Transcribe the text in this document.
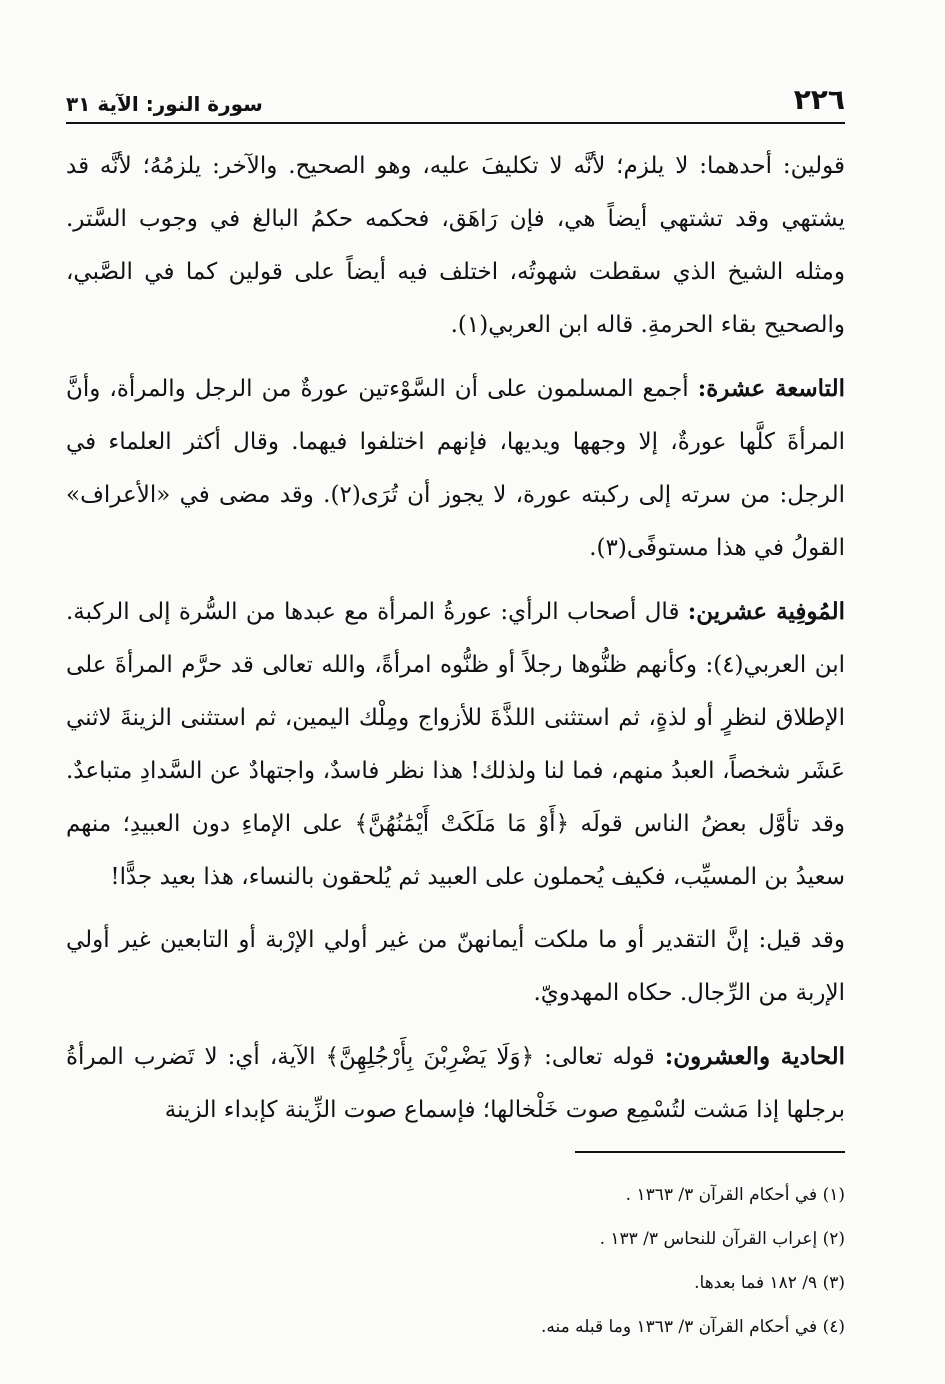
٢٢٦
سورة النور: الآية ٣١

قولين: أحدهما: لا يلزم؛ لأنَّه لا تكليفَ عليه، وهو الصحيح. والآخر: يلزمُهُ؛ لأنَّه قد يشتهي وقد تشتهي أيضاً هي، فإن رَاهَق، فحكمه حكمُ البالغ في وجوب السَّتر. ومثله الشيخ الذي سقطت شهوتُه، اختلف فيه أيضاً على قولين كما في الصَّبي، والصحيح بقاء الحرمةِ. قاله ابن العربي(١).

التاسعة عشرة: أجمع المسلمون على أن السَّوْءتين عورةٌ من الرجل والمرأة، وأنَّ المرأةَ كلَّها عورةٌ، إلا وجهها ويديها، فإنهم اختلفوا فيهما. وقال أكثر العلماء في الرجل: من سرته إلى ركبته عورة، لا يجوز أن تُرَى(٢). وقد مضى في «الأعراف» القولُ في هذا مستوفًى(٣).

المُوفِية عشرين: قال أصحاب الرأي: عورةُ المرأة مع عبدها من السُّرة إلى الركبة. ابن العربي(٤): وكأنهم ظنُّوها رجلاً أو ظنُّوه امرأةً، والله تعالى قد حرَّم المرأةَ على الإطلاق لنظرٍ أو لذةٍ، ثم استثنى اللذَّةَ للأزواج ومِلْك اليمين، ثم استثنى الزينةَ لاثني عَشَر شخصاً، العبدُ منهم، فما لنا ولذلك! هذا نظر فاسدٌ، واجتهادٌ عن السَّدادِ متباعدٌ. وقد تأوَّل بعضُ الناس قولَه ﴿أَوْ مَا مَلَكَتْ أَيْمَٰنُهُنَّ﴾ على الإماءِ دون العبيدِ؛ منهم سعيدُ بن المسيِّب، فكيف يُحملون على العبيد ثم يُلحقون بالنساء، هذا بعيد جدًّا!

وقد قيل: إنَّ التقدير أو ما ملكت أيمانهنّ من غير أولي الإرْبة أو التابعين غير أولي الإربة من الرِّجال. حكاه المهدويّ.

الحادية والعشرون: قوله تعالى: ﴿وَلَا يَضْرِبْنَ بِأَرْجُلِهِنَّ﴾ الآية، أي: لا تَضرب المرأةُ برجلها إذا مَشت لتُسْمِع صوت خَلْخالها؛ فإسماع صوت الزِّينة كإبداء الزينة

(١) في أحكام القرآن ٣/ ١٣٦٣ .
(٢) إعراب القرآن للنحاس ٣/ ١٣٣ .
(٣) ٩/ ١٨٢ فما بعدها.
(٤) في أحكام القرآن ٣/ ١٣٦٣ وما قبله منه.
